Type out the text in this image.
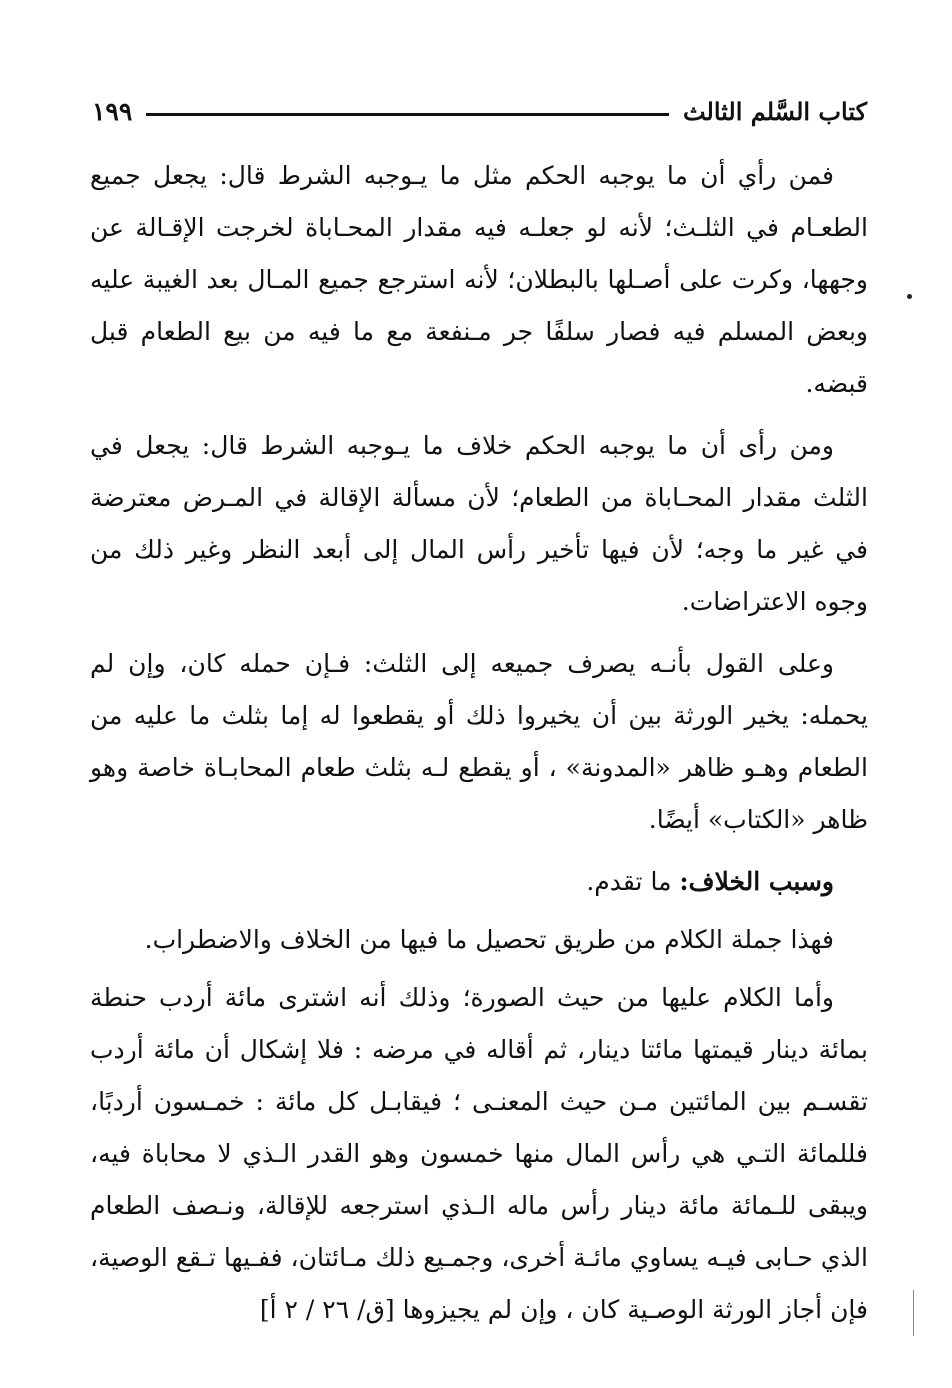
كتاب السَّلم الثالث
١٩٩

فمن رأي أن ما يوجبه الحكم مثل ما يـوجبه الشرط قال: يجعل جميع الطعـام في الثلـث؛ لأنه لو جعلـه فيه مقدار المحـاباة لخرجت الإقـالة عن وجهها، وكرت على أصـلها بالبطلان؛ لأنه استرجع جميع المـال بعد الغيبة عليه وبعض المسلم فيه فصار سلفًا جر مـنفعة مع ما فيه من بيع الطعام قبل قبضه.

ومن رأى أن ما يوجبه الحكم خلاف ما يـوجبه الشرط قال: يجعل في الثلث مقدار المحـاباة من الطعام؛ لأن مسألة الإقالة في المـرض معترضة في غير ما وجه؛ لأن فيها تأخير رأس المال إلى أبعد النظر وغير ذلك من وجوه الاعتراضات.

وعلى القول بأنـه يصرف جميعه إلى الثلث: فـإن حمله كان، وإن لم يحمله: يخير الورثة بين أن يخيروا ذلك أو يقطعوا له إما بثلث ما عليه من الطعام وهـو ظاهر «المدونة» ، أو يقطع لـه بثلث طعام المحابـاة خاصة وهو ظاهر «الكتاب» أيضًا.

وسبب الخلاف: ما تقدم.

فهذا جملة الكلام من طريق تحصيل ما فيها من الخلاف والاضطراب.

وأما الكلام عليها من حيث الصورة؛ وذلك أنه اشترى مائة أردب حنطة بمائة دينار قيمتها مائتا دينار، ثم أقاله في مرضه : فلا إشكال أن مائة أردب تقسـم بين المائتين مـن حيث المعنـى ؛ فيقابـل كل مائة : خمـسون أردبًا، فللمائة التـي هي رأس المال منها خمسون وهو القدر الـذي لا محاباة فيه، ويبقى للـمائة مائة دينار رأس ماله الـذي استرجعه للإقالة، ونـصف الطعام الذي حـابى فيـه يساوي مائـة أخرى، وجمـيع ذلك مـائتان، ففـيها تـقع الوصية، فإن أجاز الورثة الوصـية كان ، وإن لم يجيزوها [ق/ ٢٦ / ٢ أ]
